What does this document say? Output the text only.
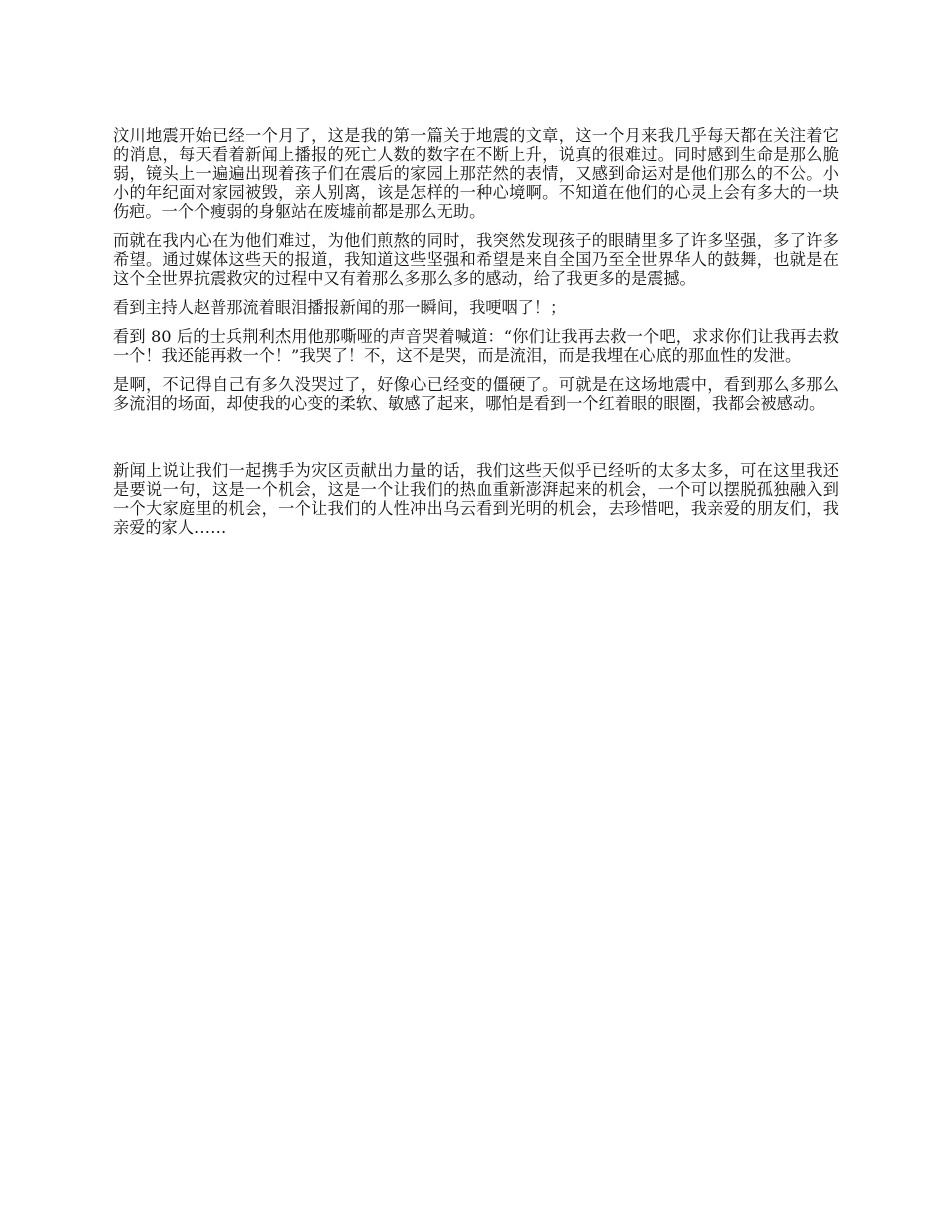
汶川地震开始已经一个月了，这是我的第一篇关于地震的文章，这一个月来我几乎每天都在关注着它的消息，每天看着新闻上播报的死亡人数的数字在不断上升，说真的很难过。同时感到生命是那么脆弱，镜头上一遍遍出现着孩子们在震后的家园上那茫然的表情，又感到命运对是他们那么的不公。小小的年纪面对家园被毁，亲人别离，该是怎样的一种心境啊。不知道在他们的心灵上会有多大的一块伤疤。一个个瘦弱的身躯站在废墟前都是那么无助。

而就在我内心在为他们难过，为他们煎熬的同时，我突然发现孩子的眼睛里多了许多坚强，多了许多希望。通过媒体这些天的报道，我知道这些坚强和希望是来自全国乃至全世界华人的鼓舞，也就是在这个全世界抗震救灾的过程中又有着那么多那么多的感动，给了我更多的是震撼。

看到主持人赵普那流着眼泪播报新闻的那一瞬间，我哽咽了！；

看到 80 后的士兵荆利杰用他那嘶哑的声音哭着喊道：“你们让我再去救一个吧，求求你们让我再去救一个！我还能再救一个！”我哭了！不，这不是哭，而是流泪，而是我埋在心底的那血性的发泄。

是啊，不记得自己有多久没哭过了，好像心已经变的僵硬了。可就是在这场地震中，看到那么多那么多流泪的场面，却使我的心变的柔软、敏感了起来，哪怕是看到一个红着眼的眼圈，我都会被感动。

新闻上说让我们一起携手为灾区贡献出力量的话，我们这些天似乎已经听的太多太多，可在这里我还是要说一句，这是一个机会，这是一个让我们的热血重新澎湃起来的机会，一个可以摆脱孤独融入到一个大家庭里的机会，一个让我们的人性冲出乌云看到光明的机会，去珍惜吧，我亲爱的朋友们，我亲爱的家人……
